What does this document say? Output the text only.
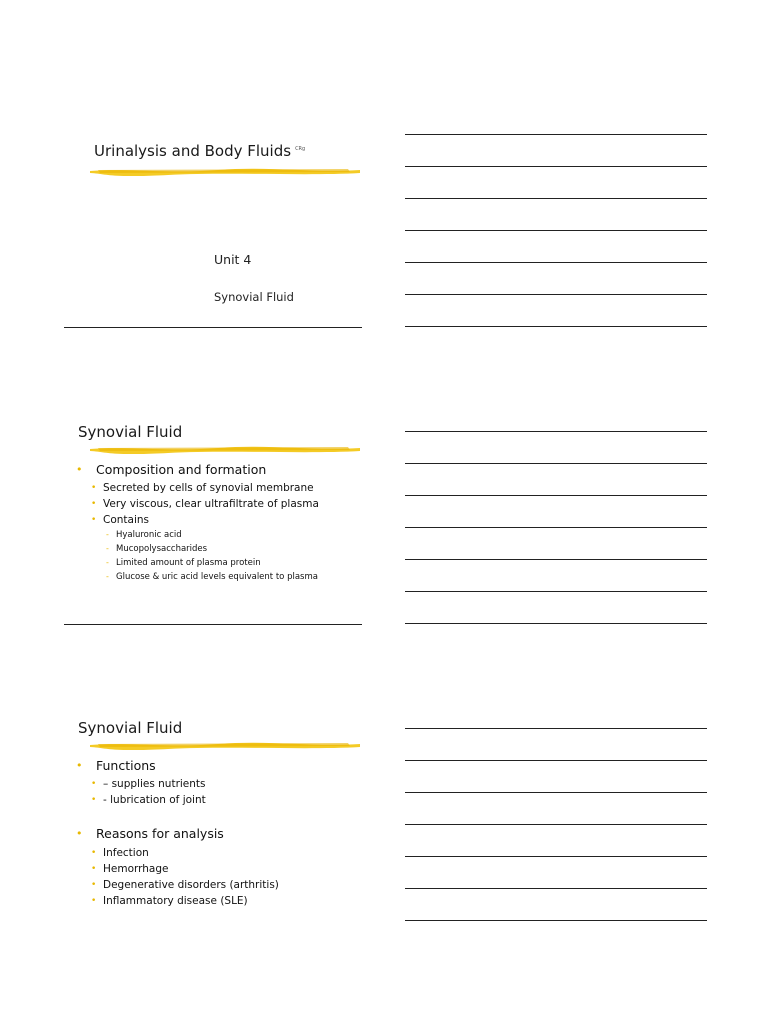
Urinalysis and Body Fluids $^{CRg}$
Unit 4
Synovial Fluid
Synovial Fluid
• Composition and formation
• Secreted by cells of synovial membrane
• Very viscous, clear ultrafiltrate of plasma
• Contains
- Hyaluronic acid
- Mucopolysaccharides
- Limited amount of plasma protein
- Glucose & uric acid levels equivalent to plasma
Synovial Fluid
• Functions
• – supplies nutrients
• - lubrication of joint
• Reasons for analysis
• Infection
• Hemorrhage
• Degenerative disorders (arthritis)
• Inflammatory disease (SLE)
